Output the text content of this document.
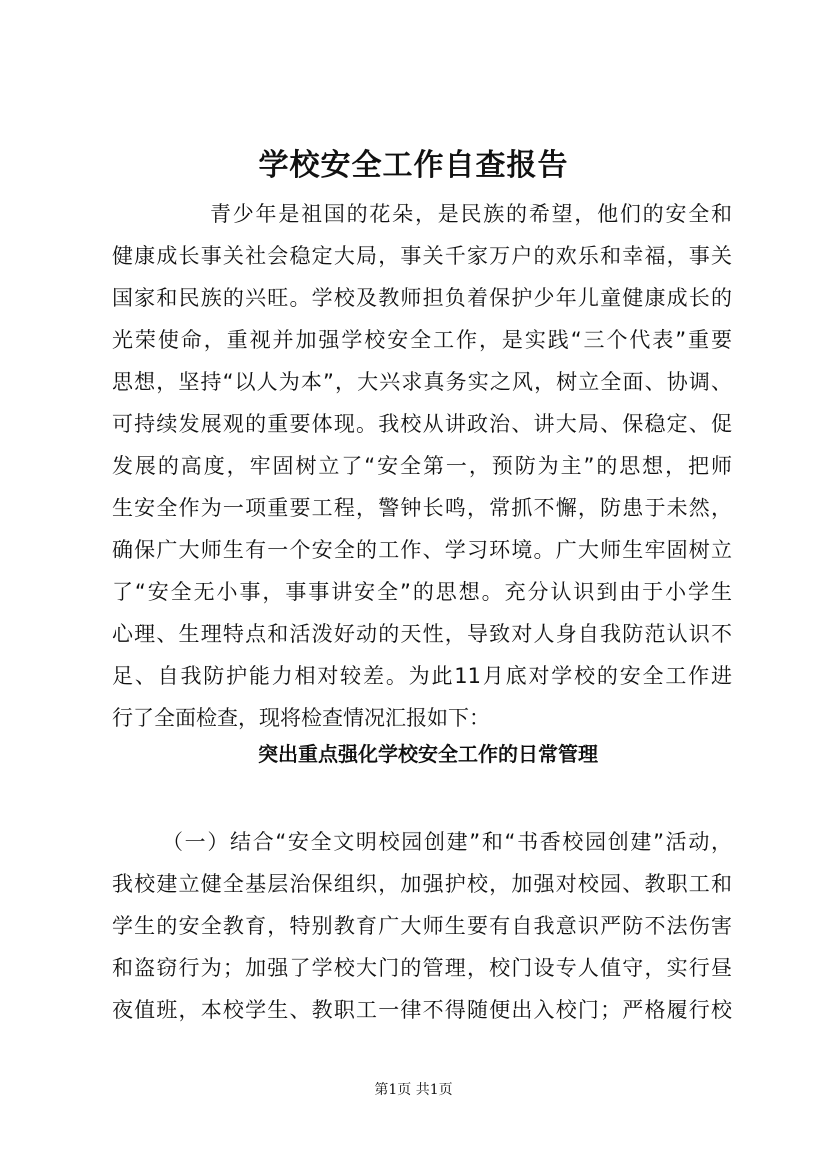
学校安全工作自查报告

青少年是祖国的花朵，是民族的希望，他们的安全和

健康成长事关社会稳定大局，事关千家万户的欢乐和幸福，事关

国家和民族的兴旺。学校及教师担负着保护少年儿童健康成长的

光荣使命，重视并加强学校安全工作，是实践“三个代表”重要

思想，坚持“以人为本”，大兴求真务实之风，树立全面、协调、

可持续发展观的重要体现。我校从讲政治、讲大局、保稳定、促

发展的高度，牢固树立了“安全第一，预防为主”的思想，把师

生安全作为一项重要工程，警钟长鸣，常抓不懈，防患于未然，

确保广大师生有一个安全的工作、学习环境。广大师生牢固树立

了“安全无小事，事事讲安全”的思想。充分认识到由于小学生

心理、生理特点和活泼好动的天性，导致对人身自我防范认识不

足、自我防护能力相对较差。为此11月底对学校的安全工作进

行了全面检查，现将检查情况汇报如下：

突出重点强化学校安全工作的日常管理

（一）结合“安全文明校园创建”和“书香校园创建”活动，

我校建立健全基层治保组织，加强护校，加强对校园、教职工和

学生的安全教育，特别教育广大师生要有自我意识严防不法伤害

和盗窃行为；加强了学校大门的管理，校门设专人值守，实行昼

夜值班，本校学生、教职工一律不得随便出入校门；严格履行校

第1页 共1页
